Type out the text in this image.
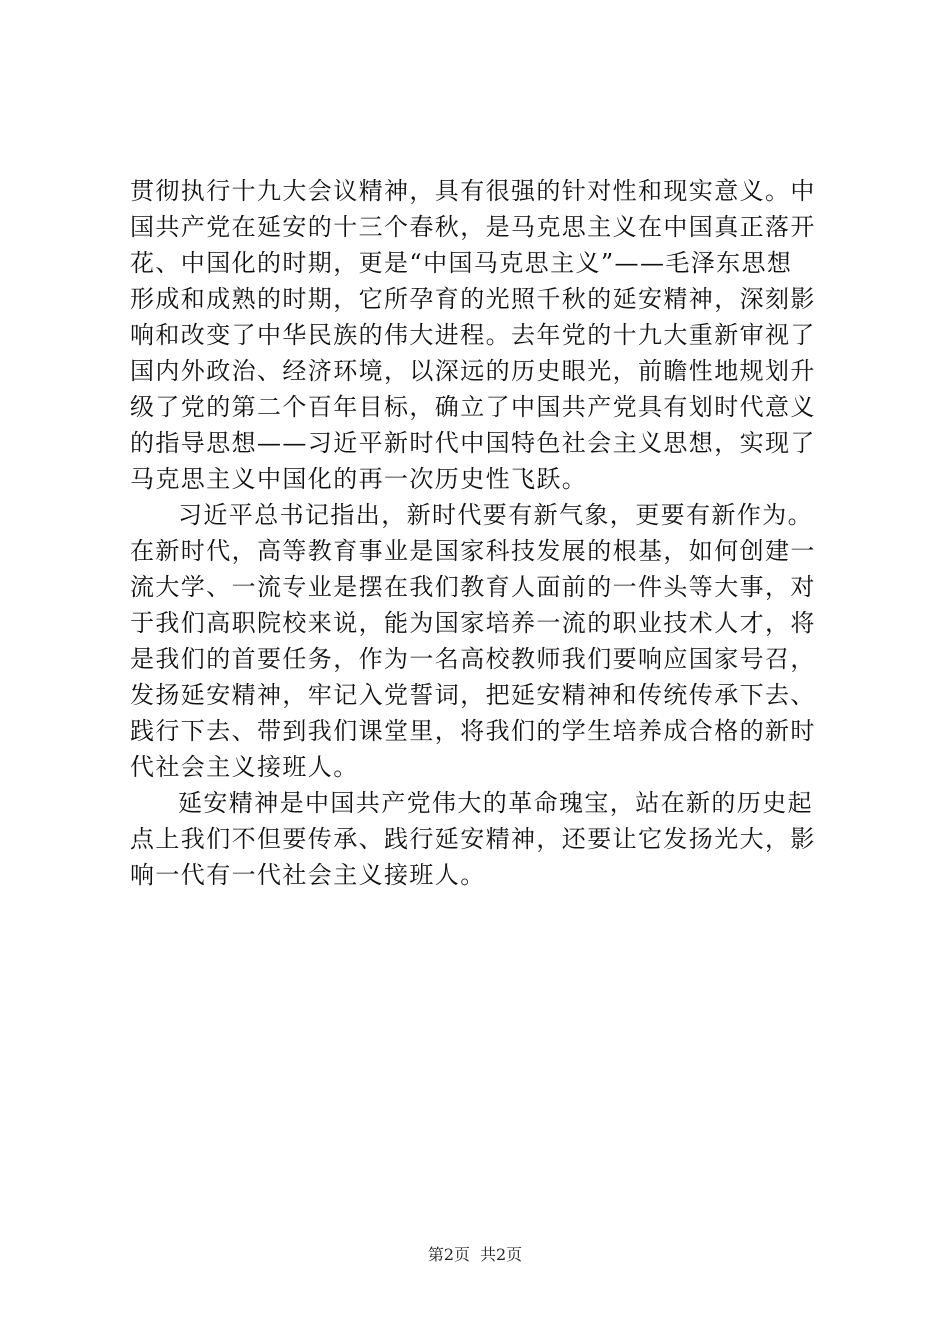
贯彻执行十九大会议精神，具有很强的针对性和现实意义。中
国共产党在延安的十三个春秋，是马克思主义在中国真正落开
花、中国化的时期，更是“中国马克思主义”——毛泽东思想
形成和成熟的时期，它所孕育的光照千秋的延安精神，深刻影
响和改变了中华民族的伟大进程。去年党的十九大重新审视了
国内外政治、经济环境，以深远的历史眼光，前瞻性地规划升
级了党的第二个百年目标，确立了中国共产党具有划时代意义
的指导思想——习近平新时代中国特色社会主义思想，实现了
马克思主义中国化的再一次历史性飞跃。
习近平总书记指出，新时代要有新气象，更要有新作为。
在新时代，高等教育事业是国家科技发展的根基，如何创建一
流大学、一流专业是摆在我们教育人面前的一件头等大事，对
于我们高职院校来说，能为国家培养一流的职业技术人才，将
是我们的首要任务，作为一名高校教师我们要响应国家号召，
发扬延安精神，牢记入党誓词，把延安精神和传统传承下去、
践行下去、带到我们课堂里，将我们的学生培养成合格的新时
代社会主义接班人。
延安精神是中国共产党伟大的革命瑰宝，站在新的历史起
点上我们不但要传承、践行延安精神，还要让它发扬光大，影
响一代有一代社会主义接班人。
第2页 共2页
